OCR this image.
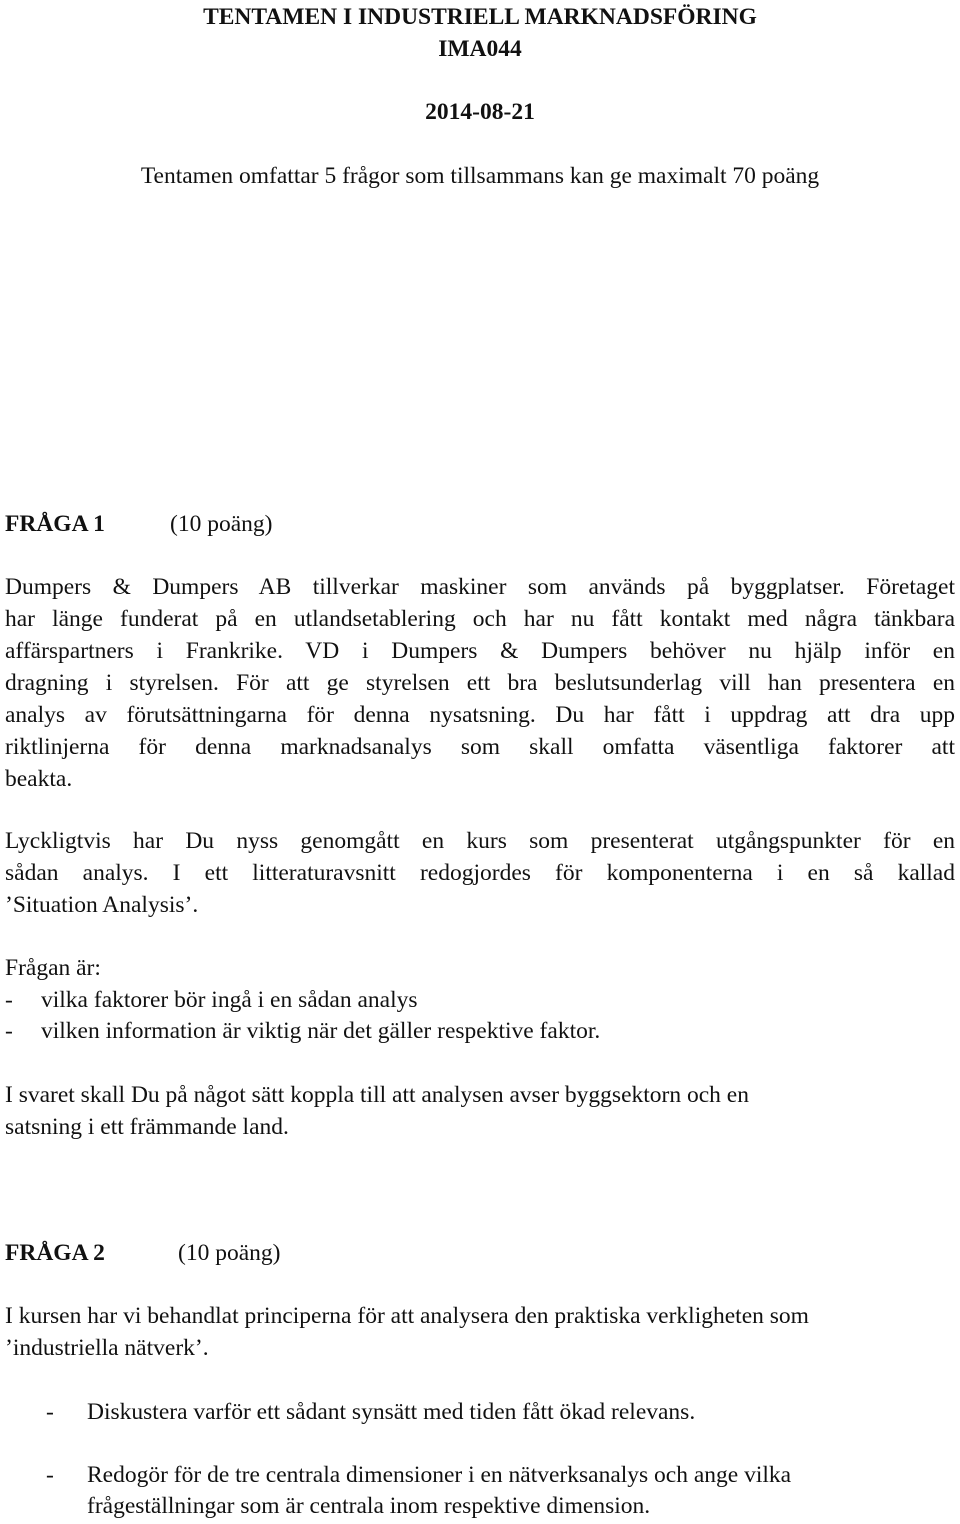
TENTAMEN I INDUSTRIELL MARKNADSFÖRING
IMA044
2014-08-21
Tentamen omfattar 5 frågor som tillsammans kan ge maximalt 70 poäng
FRÅGA 1	(10 poäng)
Dumpers & Dumpers AB tillverkar maskiner som används på byggplatser. Företaget
har länge funderat på en utlandsetablering och har nu fått kontakt med några tänkbara
affärspartners i Frankrike. VD i Dumpers & Dumpers behöver nu hjälp inför en
dragning i styrelsen. För att ge styrelsen ett bra beslutsunderlag vill han presentera en
analys av förutsättningarna för denna nysatsning. Du har fått i uppdrag att dra upp
riktlinjerna för denna marknadsanalys som skall omfatta väsentliga faktorer att
beakta.
Lyckligtvis har Du nyss genomgått en kurs som presenterat utgångspunkter för en
sådan analys. I ett litteraturavsnitt redogjordes för komponenterna i en så kallad
’Situation Analysis’.
Frågan är:
- vilka faktorer bör ingå i en sådan analys
- vilken information är viktig när det gäller respektive faktor.
I svaret skall Du på något sätt koppla till att analysen avser byggsektorn och en
satsning i ett främmande land.
FRÅGA 2	(10 poäng)
I kursen har vi behandlat principerna för att analysera den praktiska verkligheten som
’industriella nätverk’.
- Diskustera varför ett sådant synsätt med tiden fått ökad relevans.
- Redogör för de tre centrala dimensioner i en nätverksanalys och ange vilka
frågeställningar som är centrala inom respektive dimension.
